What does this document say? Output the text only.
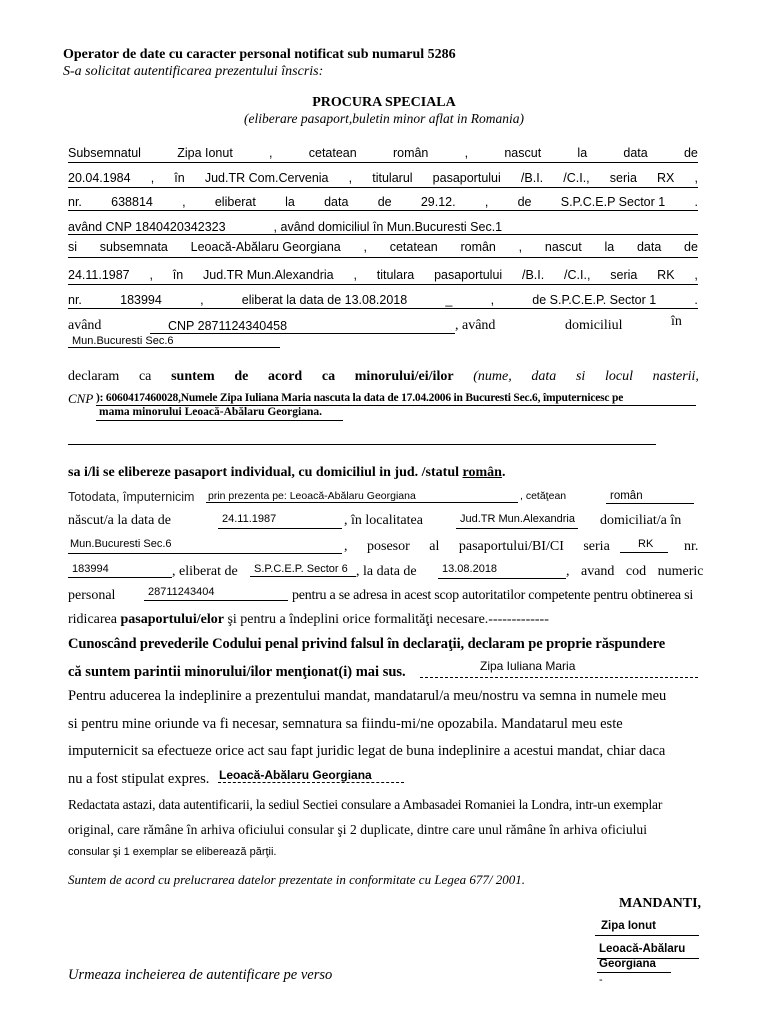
Operator de date cu caracter personal notificat sub numarul 5286
S-a solicitat autentificarea prezentului înscris:
PROCURA SPECIALA
(eliberare pasaport,buletin minor aflat in Romania)
Subsemnatul	Zipa Ionut	,	cetatean	român	,	nascut	la	data	de
20.04.1984 , în Jud.TR Com.Cervenia , titularul pasaportului /B.I. /C.I., seria RX ,
nr. 638814 , eliberat la data de 29.12. , de S.P.C.E.P Sector 1 .
având CNP 1840420342323	, având domiciliul în Mun.Bucuresti Sec.1
si subsemnata Leoacă-Abălaru Georgiana , cetatean român , nascut la data de
24.11.1987 , în Jud.TR Mun.Alexandria , titulara pasaportului /B.I. /C.I., seria RK ,
nr.	183994	,	eliberat la data de 13.08.2018	_	,	de S.P.C.E.P. Sector 1	.
având	CNP 2871124340458	, având	domiciliul	în
Mun.Bucuresti Sec.6
declaram ca suntem de acord ca minorului/ei/ilor (nume, data si locul nasterii,
CNP ): 6060417460028,Numele Zipa Iuliana Maria nascuta la data de 17.04.2006 in Bucuresti Sec.6, împuternicesc pe
mama minorului Leoacă-Abălaru Georgiana.
sa i/li se elibereze pasaport individual, cu domiciliul in jud. /statul român.
Totodata, împuternicim prin prezenta pe: Leoacă-Abălaru Georgiana	, cetăţean	român
născut/a la data de	24.11.1987	, în localitatea	Jud.TR Mun.Alexandria domiciliat/a în
Mun.Bucuresti Sec.6	, posesor al pasaportului/BI/CI seria	RK nr.
183994	, eliberat de S.P.C.E.P. Sector 6 , la data de 13.08.2018	, avand cod numeric
personal	28711243404	pentru a se adresa in acest scop autoritatilor competente pentru obtinerea si
ridicarea pasaportului/elor şi pentru a îndeplini orice formalităţi necesare.-------------
Cunoscând prevederile Codului penal privind falsul în declaraţii, declaram pe proprie răspundere
că suntem parintii minorului/ilor menţionat(i) mai sus.	Zipa Iuliana Maria
Pentru aducerea la indeplinire a prezentului mandat, mandatarul/a meu/nostru va semna in numele meu
si pentru mine oriunde va fi necesar, semnatura sa fiindu-mi/ne opozabila. Mandatarul meu este
imputernicit sa efectueze orice act sau fapt juridic legat de buna indeplinire a acestui mandat, chiar daca
nu a fost stipulat expres. Leoacă-Abălaru Georgiana
Redactata astazi, data autentificarii, la sediul Sectiei consulare a Ambasadei Romaniei la Londra, intr-un exemplar
original, care rămâne în arhiva oficiului consular şi 2 duplicate, dintre care unul rămâne în arhiva oficiului
consular şi 1 exemplar se eliberează părţii.
Suntem de acord cu prelucrarea datelor prezentate in conformitate cu Legea 677/ 2001.
MANDANTI,
Zipa Ionut
Leoacă-Abălaru
Georgiana
-
Urmeaza incheierea de autentificare pe verso
